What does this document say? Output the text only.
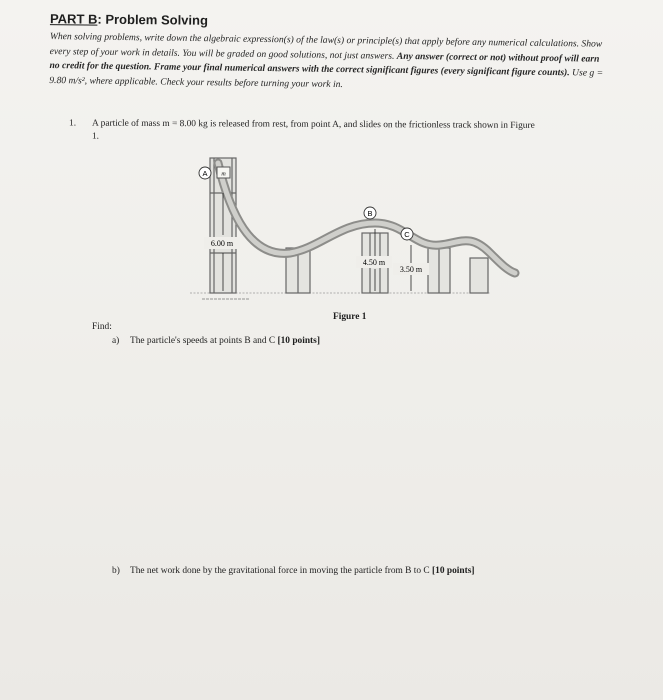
PART B: Problem Solving
When solving problems, write down the algebraic expression(s) of the law(s) or principle(s) that apply before any numerical calculations. Show every step of your work in details. You will be graded on good solutions, not just answers. Any answer (correct or not) without proof will earn no credit for the question. Frame your final numerical answers with the correct significant figures (every significant figure counts). Use g = 9.80 m/s², where applicable. Check your results before turning your work in.
1. A particle of mass m = 8.00 kg is released from rest, from point A, and slides on the frictionless track shown in Figure
1.
m
A
B
C
6.00 m
4.50 m
3.50 m
Figure 1
Find:
a) The particle's speeds at points B and C [10 points]
b) The net work done by the gravitational force in moving the particle from B to C [10 points]
